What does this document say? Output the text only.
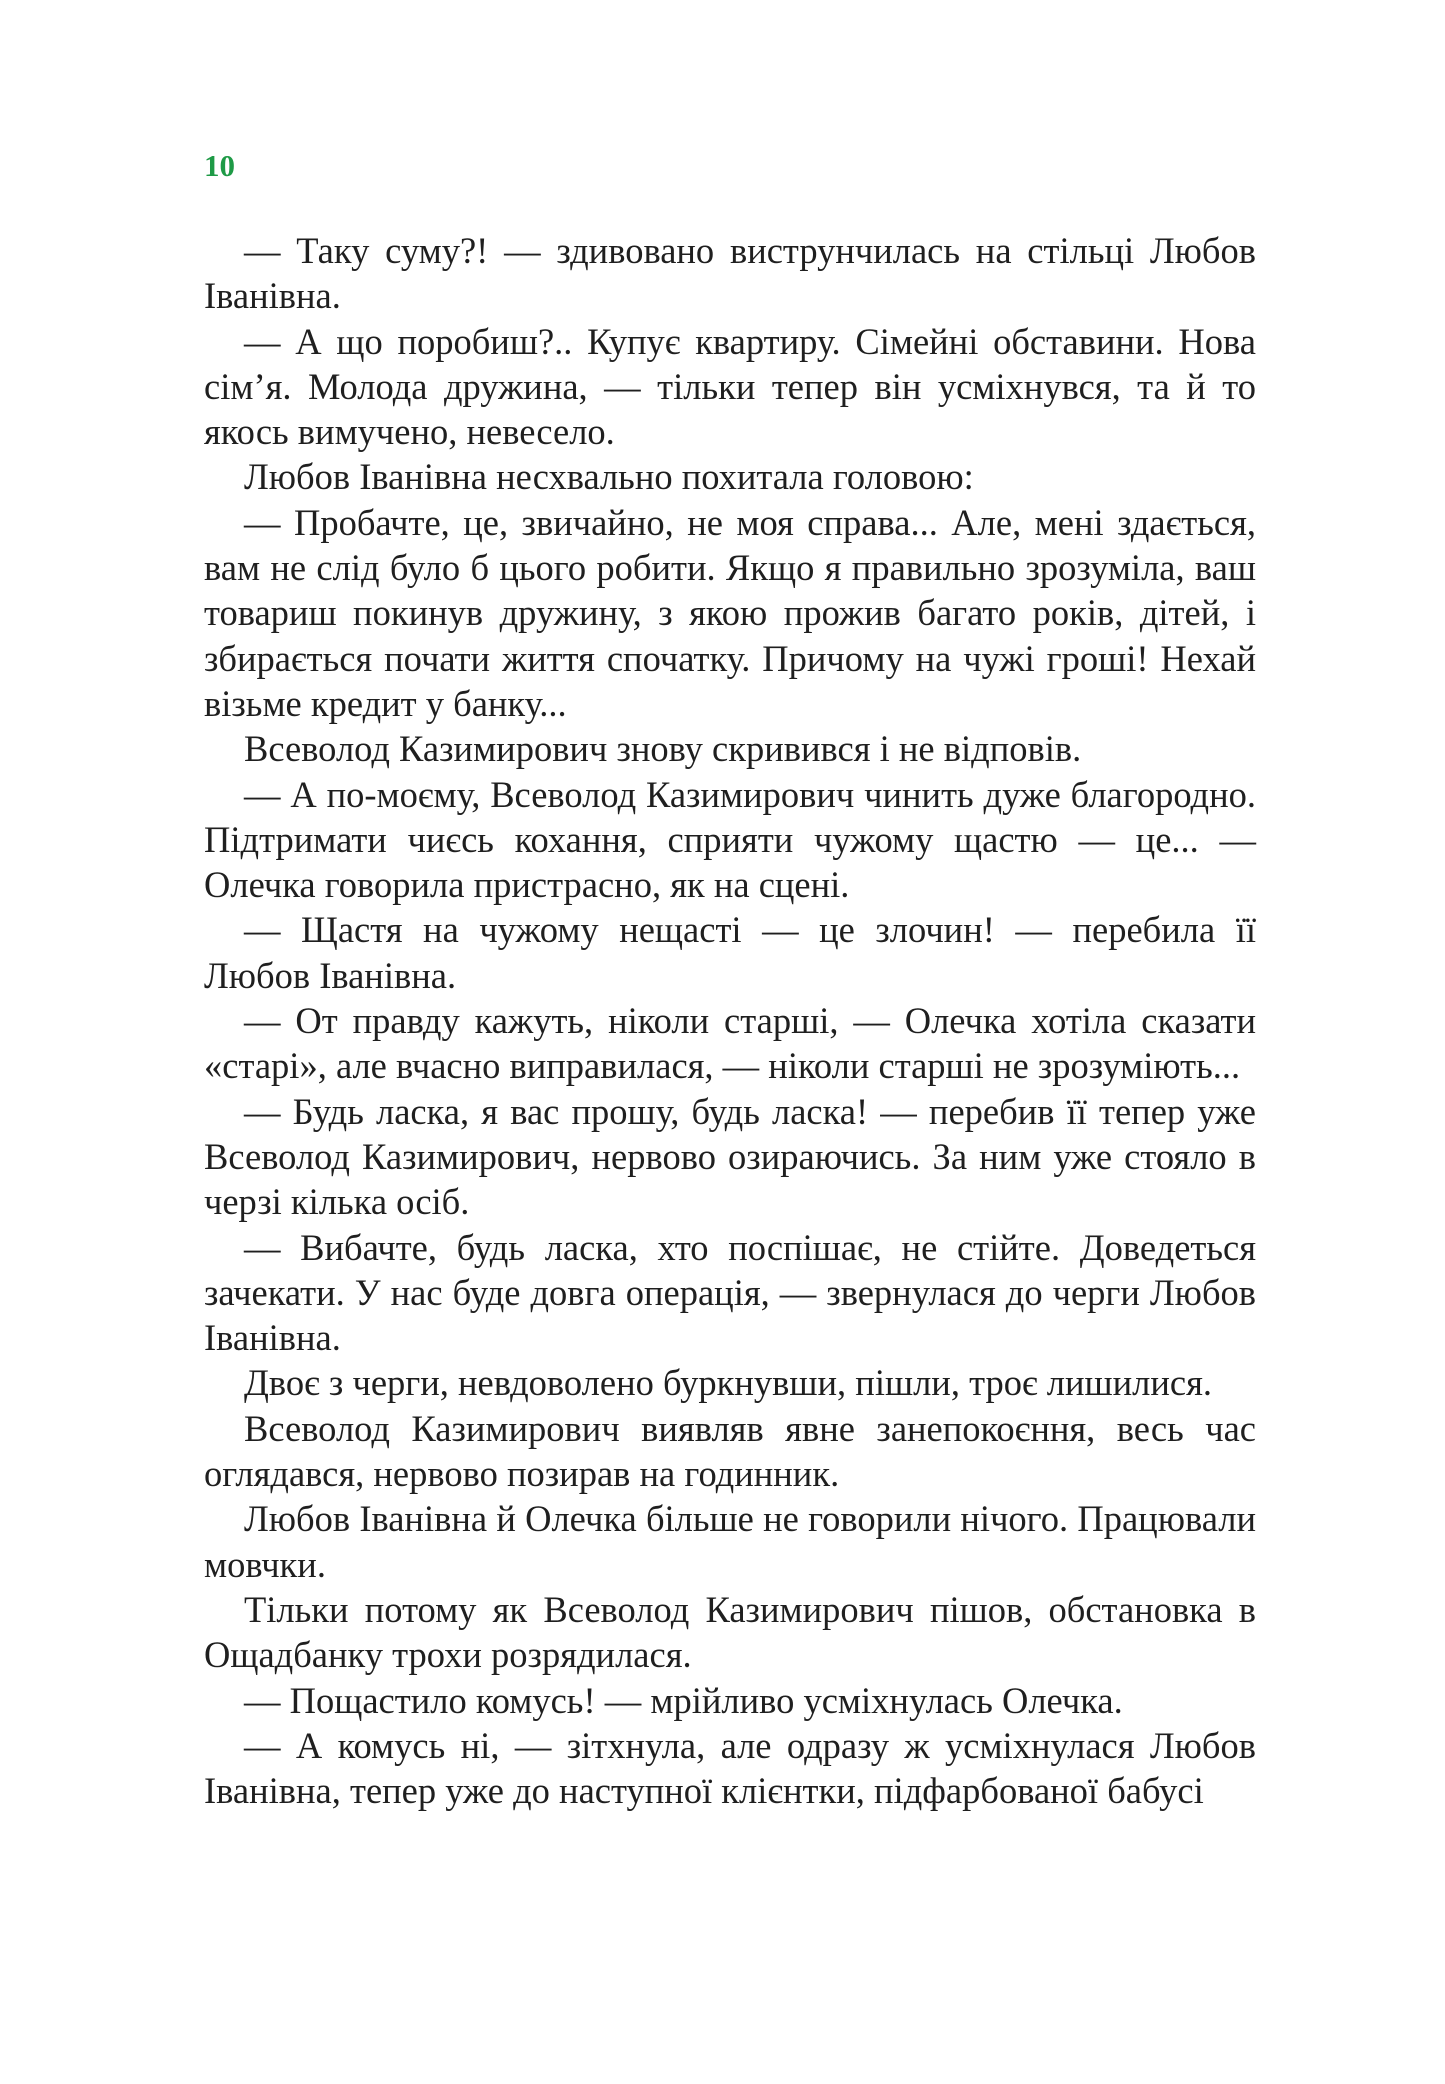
10

— Таку суму?! — здивовано виструнчилась на стільці Любов Іванівна.

— А що поробиш?.. Купує квартиру. Сімейні обставини. Нова сім’я. Молода дружина, — тільки тепер він усміхнувся, та й то якось вимучено, невесело.

Любов Іванівна несхвально похитала головою:

— Пробачте, це, звичайно, не моя справа... Але, мені здається, вам не слід було б цього робити. Якщо я правильно зрозуміла, ваш товариш покинув дружину, з якою прожив багато років, дітей, і збирається почати життя спочатку. Причому на чужі гроші! Нехай візьме кредит у банку...

Всеволод Казимирович знову скривився і не відповів.

— А по-моєму, Всеволод Казимирович чинить дуже благородно. Підтримати чиєсь кохання, сприяти чужому щастю — це... — Олечка говорила пристрасно, як на сцені.

— Щастя на чужому нещасті — це злочин! — перебила її Любов Іванівна.

— От правду кажуть, ніколи старші, — Олечка хотіла сказати «старі», але вчасно виправилася, — ніколи старші не зрозуміють...

— Будь ласка, я вас прошу, будь ласка! — перебив її тепер уже Всеволод Казимирович, нервово озираючись. За ним уже стояло в черзі кілька осіб.

— Вибачте, будь ласка, хто поспішає, не стійте. Доведеться зачекати. У нас буде довга операція, — звернулася до черги Любов Іванівна.

Двоє з черги, невдоволено буркнувши, пішли, троє лишилися.

Всеволод Казимирович виявляв явне занепокоєння, весь час оглядався, нервово позирав на годинник.

Любов Іванівна й Олечка більше не говорили нічого. Працювали мовчки.

Тільки потому як Всеволод Казимирович пішов, обстановка в Ощадбанку трохи розрядилася.

— Пощастило комусь! — мрійливо усміхнулась Олечка.

— А комусь ні, — зітхнула, але одразу ж усміхнулася Любов Іванівна, тепер уже до наступної клієнтки, підфарбованої бабусі
